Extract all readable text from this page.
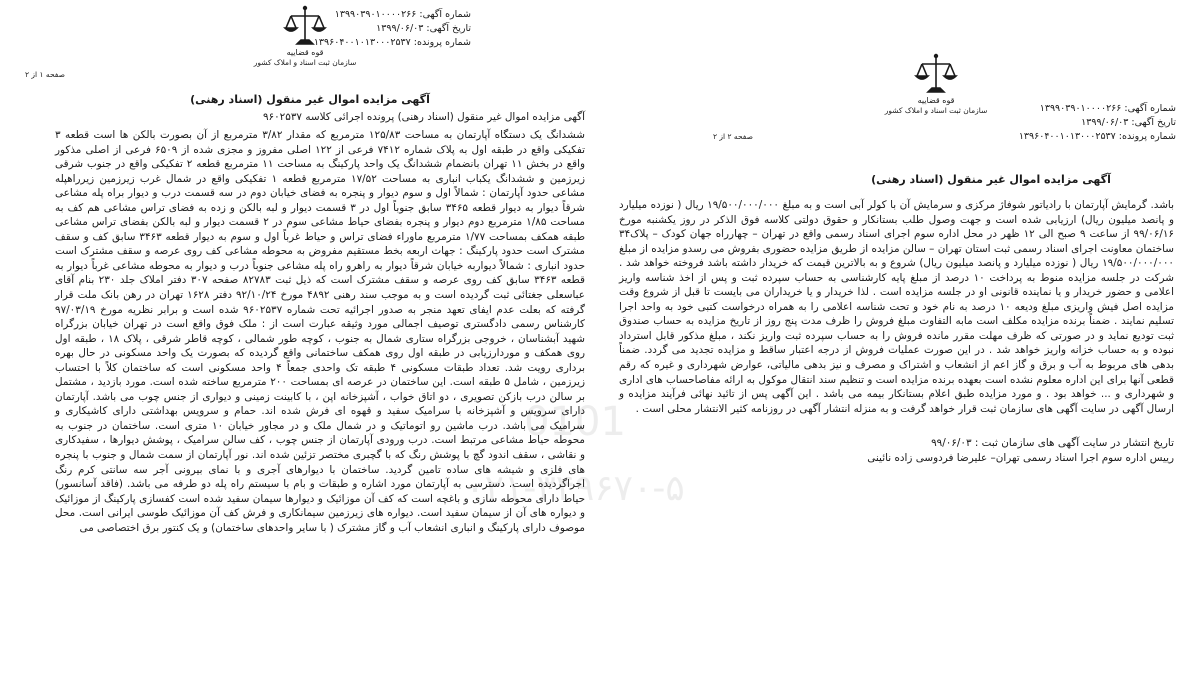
شماره آگهی: ۱۳۹۹۰۳۹۰۱۰۰۰۰۲۶۶
تاریخ آگهی: ۱۳۹۹/۰۶/۰۳
شماره پرونده: ۱۳۹۶۰۴۰۰۱۰۱۳۰۰۰۲۵۳۷
قوه قضاییه
سازمان ثبت اسناد و املاک کشور
صفحه ۱ از ۲
آگهی مزایده اموال غیر منقول (اسناد رهنی)
آگهی مزایده اموال غیر منقول (اسناد رهنی) پرونده اجرائی کلاسه ۹۶۰۲۵۳۷
ششدانگ یک دستگاه آپارتمان به مساحت ۱۲۵/۸۳ مترمربع که مقدار ۳/۸۲ مترمربع از آن بصورت بالکن ها است قطعه ۳ تفکیکی واقع در طبقه اول به پلاک شماره ۷۴۱۲ فرعی از ۱۲۲ اصلی مفروز و مجزی شده از ۶۵۰۹ فرعی از اصلی مذکور واقع در بخش ۱۱ تهران بانضمام ششدانگ یک واحد پارکینگ به مساحت ۱۱ مترمربع قطعه ۲ تفکیکی واقع در جنوب شرقی زیرزمین و ششدانگ یکباب انباری به مساحت ۱۷/۵۲ مترمربع قطعه ۱ تفکیکی واقع در شمال غرب زیرزمین زیرراهپله مشاعی حدود آپارتمان : شمالاً اول و سوم دیوار و پنجره به فضای خیابان دوم در سه قسمت درب و دیوار براه پله مشاعی شرقاً دیوار به دیوار قطعه ۳۴۶۵ سابق جنوباً اول در ۳ قسمت دیوار و لبه بالکن و زده به فضای تراس مشاعی هم کف به مساحت ۱/۸۵ مترمربع دوم دیوار و پنجره بفضای حیاط مشاعی سوم در ۲ قسمت دیوار و لبه بالکن بفضای تراس مشاعی طبقه همکف بمساحت ۱/۷۷ مترمربع ماوراء فضای تراس و حیاط غرباً اول و سوم به دیوار قطعه ۳۴۶۳ سابق کف و سقف مشترک است حدود پارکینگ : جهات اربعه بخط مستقیم مفروض به محوطه مشاعی کف روی عرصه و سقف مشترک است حدود انباری : شمالاً دیواربه خیابان شرقاً دیوار به راهرو راه پله مشاعی جنوباً درب و دیوار به محوطه مشاعی غرباً دیوار به قطعه ۳۴۶۳ سابق کف روی عرصه و سقف مشترک است که ذیل ثبت ۸۲۷۸۳ صفحه ۳۰۷ دفتر املاک جلد ۲۳۰ بنام آقای عباسعلی جغتائی ثبت گردیده است و به موجب سند رهنی ۴۸۹۲ مورخ ۹۲/۱۰/۲۴ دفتر ۱۶۲۸ تهران در رهن بانک ملت قرار گرفته که بعلت عدم ایفای تعهد منجر به صدور اجرائیه تحت شماره ۹۶۰۲۵۳۷ شده است و برابر نظریه مورخ ۹۷/۰۳/۱۹ کارشناس رسمی دادگستری توصیف اجمالی مورد وثیقه عبارت است از : ملک فوق واقع است در تهران خیابان بزرگراه شهید آبشناسان ، خروجی بزرگراه ستاری شمال به جنوب ، کوچه طور شمالی ، کوچه قاطر شرقی ، پلاک ۱۸ ، طبقه اول روی همکف و موردارزیابی در طبقه اول روی همکف ساختمانی واقع گردیده که بصورت یک واحد مسکونی در حال بهره برداری رویت شد. تعداد طبقات مسکونی ۴ طبقه تک واحدی جمعاً ۴ واحد مسکونی است که ساختمان کلاً با احتساب زیرزمین ، شامل ۵ طبقه است. این ساختمان در عرصه ای بمساحت ۲۰۰ مترمربع ساخته شده است. مورد بازدید ، مشتمل بر سالن درب بازکن تصویری ، دو اتاق خواب ، آشپزخانه اپن ، با کابینت زمینی و دیواری از جنس چوب می باشد. آپارتمان دارای سرویس و آشپزخانه با سرامیک سفید و قهوه ای فرش شده اند. حمام و سرویس بهداشتی دارای کاشیکاری و سرامیک می باشد. درب ماشین رو اتوماتیک و در شمال ملک و در مجاور خیابان ۱۰ متری است. ساختمان در جنوب به محوطه حیاط مشاعی مرتبط است. درب ورودی آپارتمان از جنس چوب ، کف سالن سرامیک ، پوشش دیوارها ، سفیدکاری و نقاشی ، سقف اندود گچ با پوشش رنگ که با گچبری مختصر تزئین شده اند. نور آپارتمان از سمت شمال و جنوب با پنجره های فلزی و شیشه های ساده تامین گردید. ساختمان با دیوارهای آجری و با نمای بیرونی آجر سه سانتی کرم رنگ اجراگردیده است. دسترسی به آپارتمان مورد اشاره و طبقات و بام با سیستم راه پله دو طرفه می باشد. (فاقد آسانسور) حیاط دارای محوطه سازی و باغچه است که کف آن موزائیک و دیوارها سیمان سفید شده است کفسازی پارکینگ از موزائیک و دیواره های آن از سیمان سفید است. دیواره های زیرزمین سیمانکاری و فرش کف آن موزائیک طوسی ایرانی است. محل موصوف دارای پارکینگ و انباری انشعاب آب و گاز مشترک ( با سایر واحدهای ساختمان) و یک کنتور برق اختصاصی می
شماره آگهی: ۱۳۹۹۰۳۹۰۱۰۰۰۰۲۶۶
تاریخ آگهی: ۱۳۹۹/۰۶/۰۳
شماره پرونده: ۱۳۹۶۰۴۰۰۱۰۱۳۰۰۰۲۵۳۷
قوه قضاییه
سازمان ثبت اسناد و املاک کشور
صفحه ۲ از ۲
آگهی مزایده اموال غیر منقول (اسناد رهنی)
باشد. گرمایش آپارتمان با رادیاتور شوفاژ مرکزی و سرمایش آن با کولر آبی است و به مبلغ ۱۹/۵۰۰/۰۰۰/۰۰۰ ریال ( نوزده میلیارد و پانصد میلیون ریال) ارزیابی شده است و جهت وصول طلب بستانکار و حقوق دولتی کلاسه فوق الذکر در روز یکشنبه مورخ ۹۹/۰۶/۱۶ از ساعت ۹ صبح الی ۱۲ ظهر در محل اداره سوم اجرای اسناد رسمی واقع در تهران – چهارراه جهان کودک – پلاک۳۴ ساختمان معاونت اجرای اسناد رسمی ثبت استان تهران – سالن مزایده از طریق مزایده حضوری بفروش می رسدو مزایده از مبلغ ۱۹/۵۰۰/۰۰۰/۰۰۰ ریال ( نوزده میلیارد و پانصد میلیون ریال) شروع و به بالاترین قیمت که خریدار داشته باشد فروخته خواهد شد . شرکت در جلسه مزایده منوط به پرداخت ۱۰ درصد از مبلغ پایه کارشناسی به حساب سپرده ثبت و پس از اخذ شناسه واریز اعلامی و حضور خریدار و یا نماینده قانونی او در جلسه مزایده است . لذا خریدار و یا خریداران می بایست تا قبل از شروع وقت مزایده اصل فیش واریزی مبلغ ودیعه ۱۰ درصد به نام خود و تحت شناسه اعلامی را به همراه درخواست کتبی خود به واحد اجرا تسلیم نمایند . ضمناً برنده مزایده مکلف است مابه التفاوت مبلغ فروش را ظرف مدت پنج روز از تاریخ مزایده به حساب صندوق ثبت تودیع نماید و در صورتی که ظرف مهلت مقرر مانده فروش را به حساب سپرده ثبت واریز نکند ، مبلغ مذکور قابل استرداد نبوده و به حساب خزانه واریز خواهد شد . در این صورت عملیات فروش از درجه اعتبار ساقط و مزایده تجدید می گردد. ضمناً بدهی های مربوط به آب و برق و گاز اعم از انشعاب و اشتراک و مصرف و نیز بدهی مالیاتی، عوارض شهرداری و غیره که رقم قطعی آنها برای این اداره معلوم نشده است بعهده برنده مزایده است و تنظیم سند انتقال موکول به ارائه مفاصاحساب های اداری و شهرداری و ... خواهد بود . و مورد مزایده طبق اعلام بستانکار بیمه می باشد . این آگهی پس از تائید نهائی فرآیند مزایده و ارسال آگهی در سایت آگهی های سازمان ثبت قرار خواهد گرفت و به منزله انتشار آگهی در روزنامه کثیر الانتشار محلی است .
تاریخ انتشار در سایت آگهی های سازمان ثبت : ۹۹/۰۶/۰۳
رییس اداره سوم اجرا اسناد رسمی تهران– علیرضا فردوسی زاده نائینی
0101
۰۲۱-۳۴۹۶۷۰-۵
